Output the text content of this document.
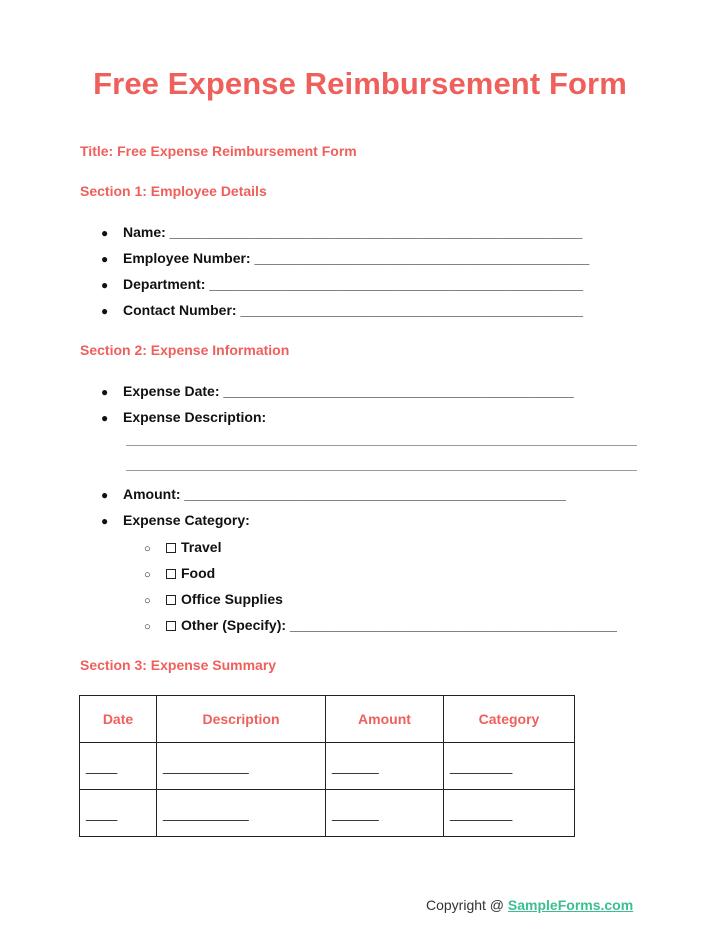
Free Expense Reimbursement Form
Title: Free Expense Reimbursement Form
Section 1: Employee Details
●	Name: _____________________________________________________
●	Employee Number: ___________________________________________
●	Department: ________________________________________________
●	Contact Number: ____________________________________________
Section 2: Expense Information
●	Expense Date: _____________________________________________
●	Expense Description:
●	Amount: _________________________________________________
●	Expense Category:
○	Travel
○	Food
○	Office Supplies
○	Other (Specify): __________________________________________
Section 3: Expense Summary
Date	Description	Amount	Category
____	___________	______	________
____	___________	______	________
Copyright @ SampleForms.com
